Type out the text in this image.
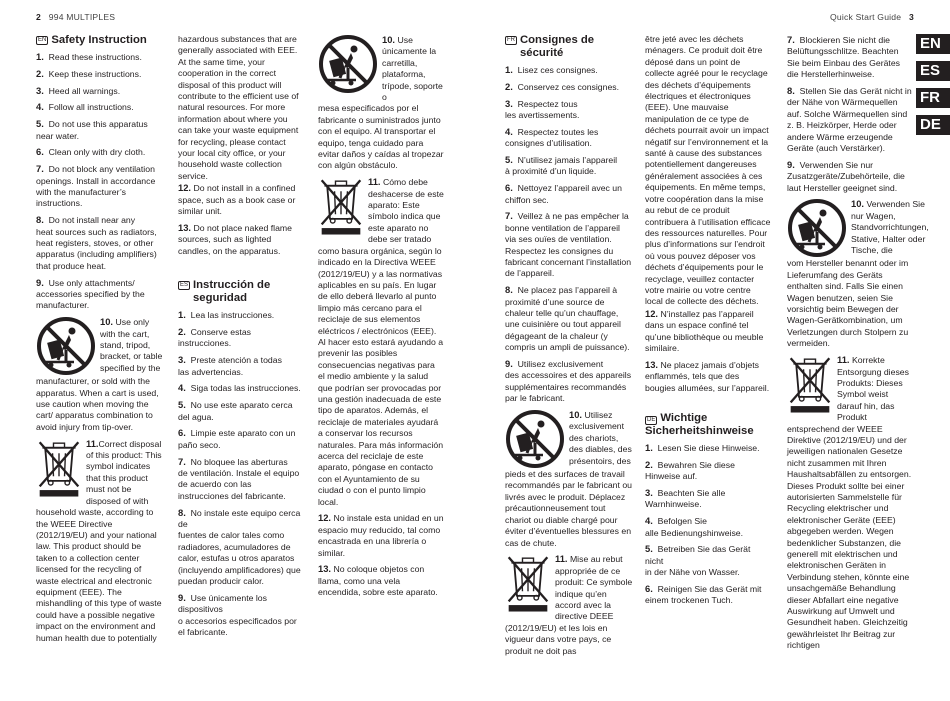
2 994 MULTIPLES	Quick Start Guide 3
EN
ES
FR
DE
EN Safety Instruction

1. Read these instructions.

2. Keep these instructions.

3. Heed all warnings.

4. Follow all instructions.

5. Do not use this apparatus

near water.

6. Clean only with dry cloth.

7. Do not block any ventilation

openings. Install in accordance with the manufacturer’s instructions.

8. Do not install near any

heat sources such as radiators, heat registers, stoves, or other apparatus (including amplifiers) that produce heat.

9. Use only attachments/

accessories specified by the manufacturer.

10. Use only with the cart, stand, tripod, bracket, or table specified by the

manufacturer, or sold with the apparatus. When a cart is used, use caution when moving the cart/ apparatus combination to avoid injury from tip-over.

11.Correct disposal of this product: This symbol indicates that this product must not be disposed of with

household waste, according to the WEEE Directive (2012/19/EU) and your national law. This product should be taken to a collection center licensed for the recycling of waste electrical and electronic equipment (EEE). The mishandling of this type of waste could have a possible negative impact on the environment and human health due to potentially

hazardous substances that are generally associated with EEE. At the same time, your cooperation in the correct disposal of this product will contribute to the efficient use of natural resources. For more information about where you can take your waste equipment for recycling, please contact your local city office, or your household waste collection service.

12. Do not install in a confined space, such as a book case or similar unit.

13. Do not place naked flame sources, such as lighted candles, on the apparatus.

ES Instrucción de seguridad

1. Lea las instrucciones.

2. Conserve estas instrucciones.

3. Preste atención a todas

las advertencias.

4. Siga todas las instrucciones.

5. No use este aparato cerca

del agua.

6. Limpie este aparato con un

paño seco.

7. No bloquee las aberturas

de ventilación. Instale el equipo de acuerdo con las instrucciones del fabricante.

8. No instale este equipo cerca de

fuentes de calor tales como radiadores, acumuladores de calor, estufas u otros aparatos (incluyendo amplificadores) que puedan producir calor.

9. Use únicamente los dispositivos

o accesorios especificados por el fabricante.

10. Use únicamente la carretilla, plataforma, trípode, soporte o

mesa especificados por el fabricante o suministrados junto con el equipo. Al transportar el equipo, tenga cuidado para evitar daños y caídas al tropezar con algún obstáculo.

11. Cómo debe deshacerse de este aparato: Este símbolo indica que este aparato no debe ser tratado

como basura orgánica, según lo indicado en la Directiva WEEE (2012/19/EU) y a las normativas aplicables en su país. En lugar de ello deberá llevarlo al punto limpio más cercano para el reciclaje de sus elementos eléctricos / electrónicos (EEE). Al hacer esto estará ayudando a prevenir las posibles consecuencias negativas para el medio ambiente y la salud que podrían ser provocadas por una gestión inadecuada de este tipo de aparatos. Además, el reciclaje de materiales ayudará a conservar los recursos naturales. Para más información acerca del reciclaje de este aparato, póngase en contacto con el Ayuntamiento de su ciudad o con el punto limpio local.

12. No instale esta unidad en un espacio muy reducido, tal como encastrada en una librería o similar.

13. No coloque objetos con llama, como una vela encendida, sobre este aparato.

FR Consignes de sécurité

1. Lisez ces consignes.

2. Conservez ces consignes.

3. Respectez tous

les avertissements.

4. Respectez toutes les

consignes d’utilisation.

5. N’utilisez jamais l’appareil

à proximité d’un liquide.

6. Nettoyez l’appareil avec un

chiffon sec.

7. Veillez à ne pas empêcher la

bonne ventilation de l’appareil via ses ouïes de ventilation. Respectez les consignes du fabricant concernant l’installation de l’appareil.

8. Ne placez pas l’appareil à

proximité d’une source de chaleur telle qu’un chauffage, une cuisinière ou tout appareil dégageant de la chaleur (y compris un ampli de puissance).

9. Utilisez exclusivement

des accessoires et des appareils supplémentaires recommandés par le fabricant.

10. Utilisez exclusivement des chariots, des diables, des présentoirs, des

pieds et des surfaces de travail recommandés par le fabricant ou livrés avec le produit. Déplacez précautionneusement tout chariot ou diable chargé pour éviter d’éventuelles blessures en cas de chute.

11. Mise au rebut appropriée de ce produit: Ce symbole indique qu’en accord avec la directive DEEE

(2012/19/EU) et les lois en vigueur dans votre pays, ce produit ne doit pas

être jeté avec les déchets ménagers. Ce produit doit être déposé dans un point de collecte agréé pour le recyclage des déchets d’équipements électriques et électroniques (EEE). Une mauvaise manipulation de ce type de déchets pourrait avoir un impact négatif sur l’environnement et la santé à cause des substances potentiellement dangereuses généralement associées à ces équipements. En même temps, votre coopération dans la mise au rebut de ce produit contribuera à l’utilisation efficace des ressources naturelles. Pour plus d’informations sur l’endroit où vous pouvez déposer vos déchets d’équipements pour le recyclage, veuillez contacter votre mairie ou votre centre local de collecte des déchets.

12. N’installez pas l’appareil dans un espace confiné tel qu’une bibliothèque ou meuble similaire.

13. Ne placez jamais d’objets enflammés, tels que des bougies allumées, sur l’appareil.

DE Wichtige
Sicherheitshinweise

1. Lesen Sie diese Hinweise.

2. Bewahren Sie diese

Hinweise auf.

3. Beachten Sie alle Warnhinweise.

4. Befolgen Sie

alle Bedienungshinweise.

5. Betreiben Sie das Gerät nicht

in der Nähe von Wasser.

6. Reinigen Sie das Gerät mit

einem trockenen Tuch.

7. Blockieren Sie nicht die

Belüftungsschlitze. Beachten Sie beim Einbau des Gerätes die Herstellerhinweise.

8. Stellen Sie das Gerät nicht in

der Nähe von Wärmequellen auf. Solche Wärmequellen sind z. B. Heizkörper, Herde oder andere Wärme erzeugende Geräte (auch Verstärker).

9. Verwenden Sie nur

Zusatzgeräte/Zubehörteile, die laut Hersteller geeignet sind.

10. Verwenden Sie nur Wagen, Standvorrichtungen, Stative, Halter oder Tische, die

vom Hersteller benannt oder im Lieferumfang des Geräts enthalten sind. Falls Sie einen Wagen benutzen, seien Sie vorsichtig beim Bewegen der Wagen-Gerätkombination, um Verletzungen durch Stolpern zu vermeiden.

11. Korrekte Entsorgung dieses Produkts: Dieses Symbol weist darauf hin, das Produkt

entsprechend der WEEE Direktive (2012/19/EU) und der jeweiligen nationalen Gesetze nicht zusammen mit Ihren Haushaltsabfällen zu entsorgen. Dieses Produkt sollte bei einer autorisierten Sammelstelle für Recycling elektrischer und elektronischer Geräte (EEE) abgegeben werden. Wegen bedenklicher Substanzen, die generell mit elektrischen und elektronischen Geräten in Verbindung stehen, könnte eine unsachgemäße Behandlung dieser Abfallart eine negative Auswirkung auf Umwelt und Gesundheit haben. Gleichzeitig gewährleistet Ihr Beitrag zur richtigen
